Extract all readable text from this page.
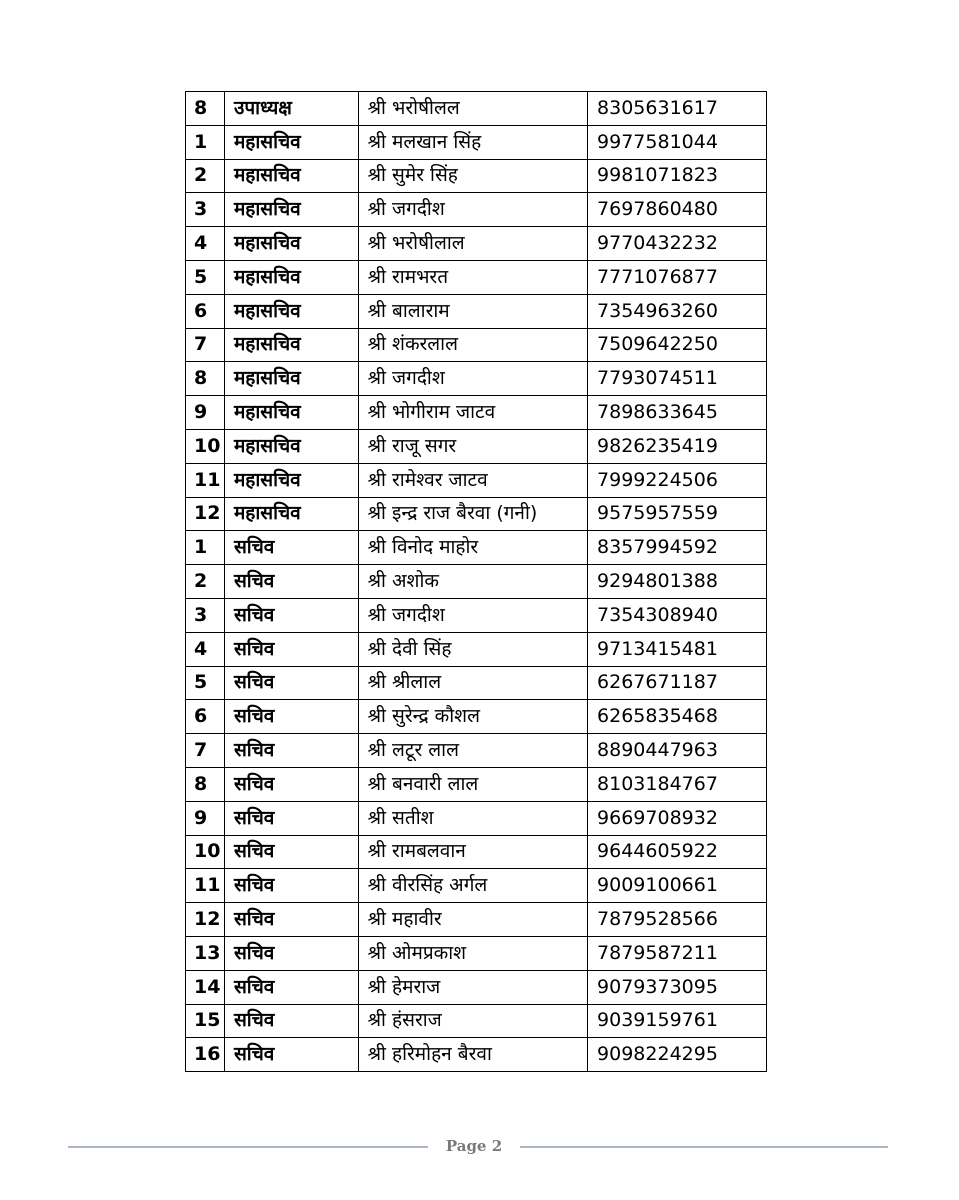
8	उपाध्यक्ष	श्री भरोषीलल	8305631617
1	महासचिव	श्री मलखान सिंह	9977581044
2	महासचिव	श्री सुमेर सिंह	9981071823
3	महासचिव	श्री जगदीश	7697860480
4	महासचिव	श्री भरोषीलाल	9770432232
5	महासचिव	श्री रामभरत	7771076877
6	महासचिव	श्री बालाराम	7354963260
7	महासचिव	श्री शंकरलाल	7509642250
8	महासचिव	श्री जगदीश	7793074511
9	महासचिव	श्री भोगीराम जाटव	7898633645
10	महासचिव	श्री राजू सगर	9826235419
11	महासचिव	श्री रामेश्वर जाटव	7999224506
12	महासचिव	श्री इन्द्र राज बैरवा (गनी)	9575957559
1	सचिव	श्री विनोद माहोर	8357994592
2	सचिव	श्री अशोक	9294801388
3	सचिव	श्री जगदीश	7354308940
4	सचिव	श्री देवी सिंह	9713415481
5	सचिव	श्री श्रीलाल	6267671187
6	सचिव	श्री सुरेन्द्र कौशल	6265835468
7	सचिव	श्री लटूर लाल	8890447963
8	सचिव	श्री बनवारी लाल	8103184767
9	सचिव	श्री सतीश	9669708932
10	सचिव	श्री रामबलवान	9644605922
11	सचिव	श्री वीरसिंह अर्गल	9009100661
12	सचिव	श्री महावीर	7879528566
13	सचिव	श्री ओमप्रकाश	7879587211
14	सचिव	श्री हेमराज	9079373095
15	सचिव	श्री हंसराज	9039159761
16	सचिव	श्री हरिमोहन बैरवा	9098224295
Page 2
